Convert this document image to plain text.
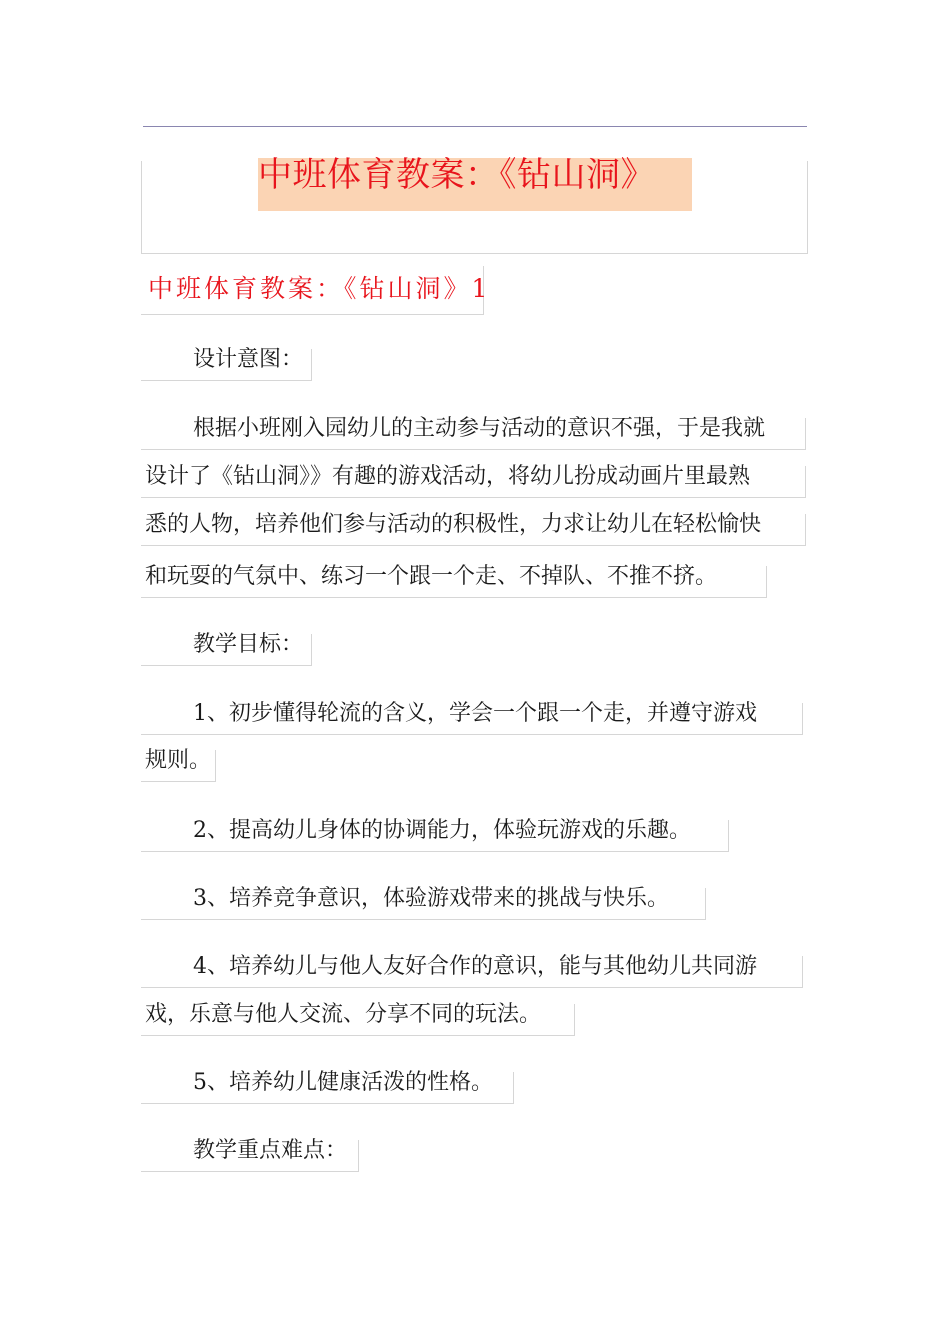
中班体育教案：《钻山洞》
中班体育教案：《钻山洞》1
设计意图：
根据小班刚入园幼儿的主动参与活动的意识不强，于是我就
设计了《钻山洞》》有趣的游戏活动，将幼儿扮成动画片里最熟
悉的人物，培养他们参与活动的积极性，力求让幼儿在轻松愉快
和玩耍的气氛中、练习一个跟一个走、不掉队、不推不挤。
教学目标：
1、初步懂得轮流的含义，学会一个跟一个走，并遵守游戏
规则。
2、提高幼儿身体的协调能力，体验玩游戏的乐趣。
3、培养竞争意识，体验游戏带来的挑战与快乐。
4、培养幼儿与他人友好合作的意识，能与其他幼儿共同游
戏，乐意与他人交流、分享不同的玩法。
5、培养幼儿健康活泼的性格。
教学重点难点：
